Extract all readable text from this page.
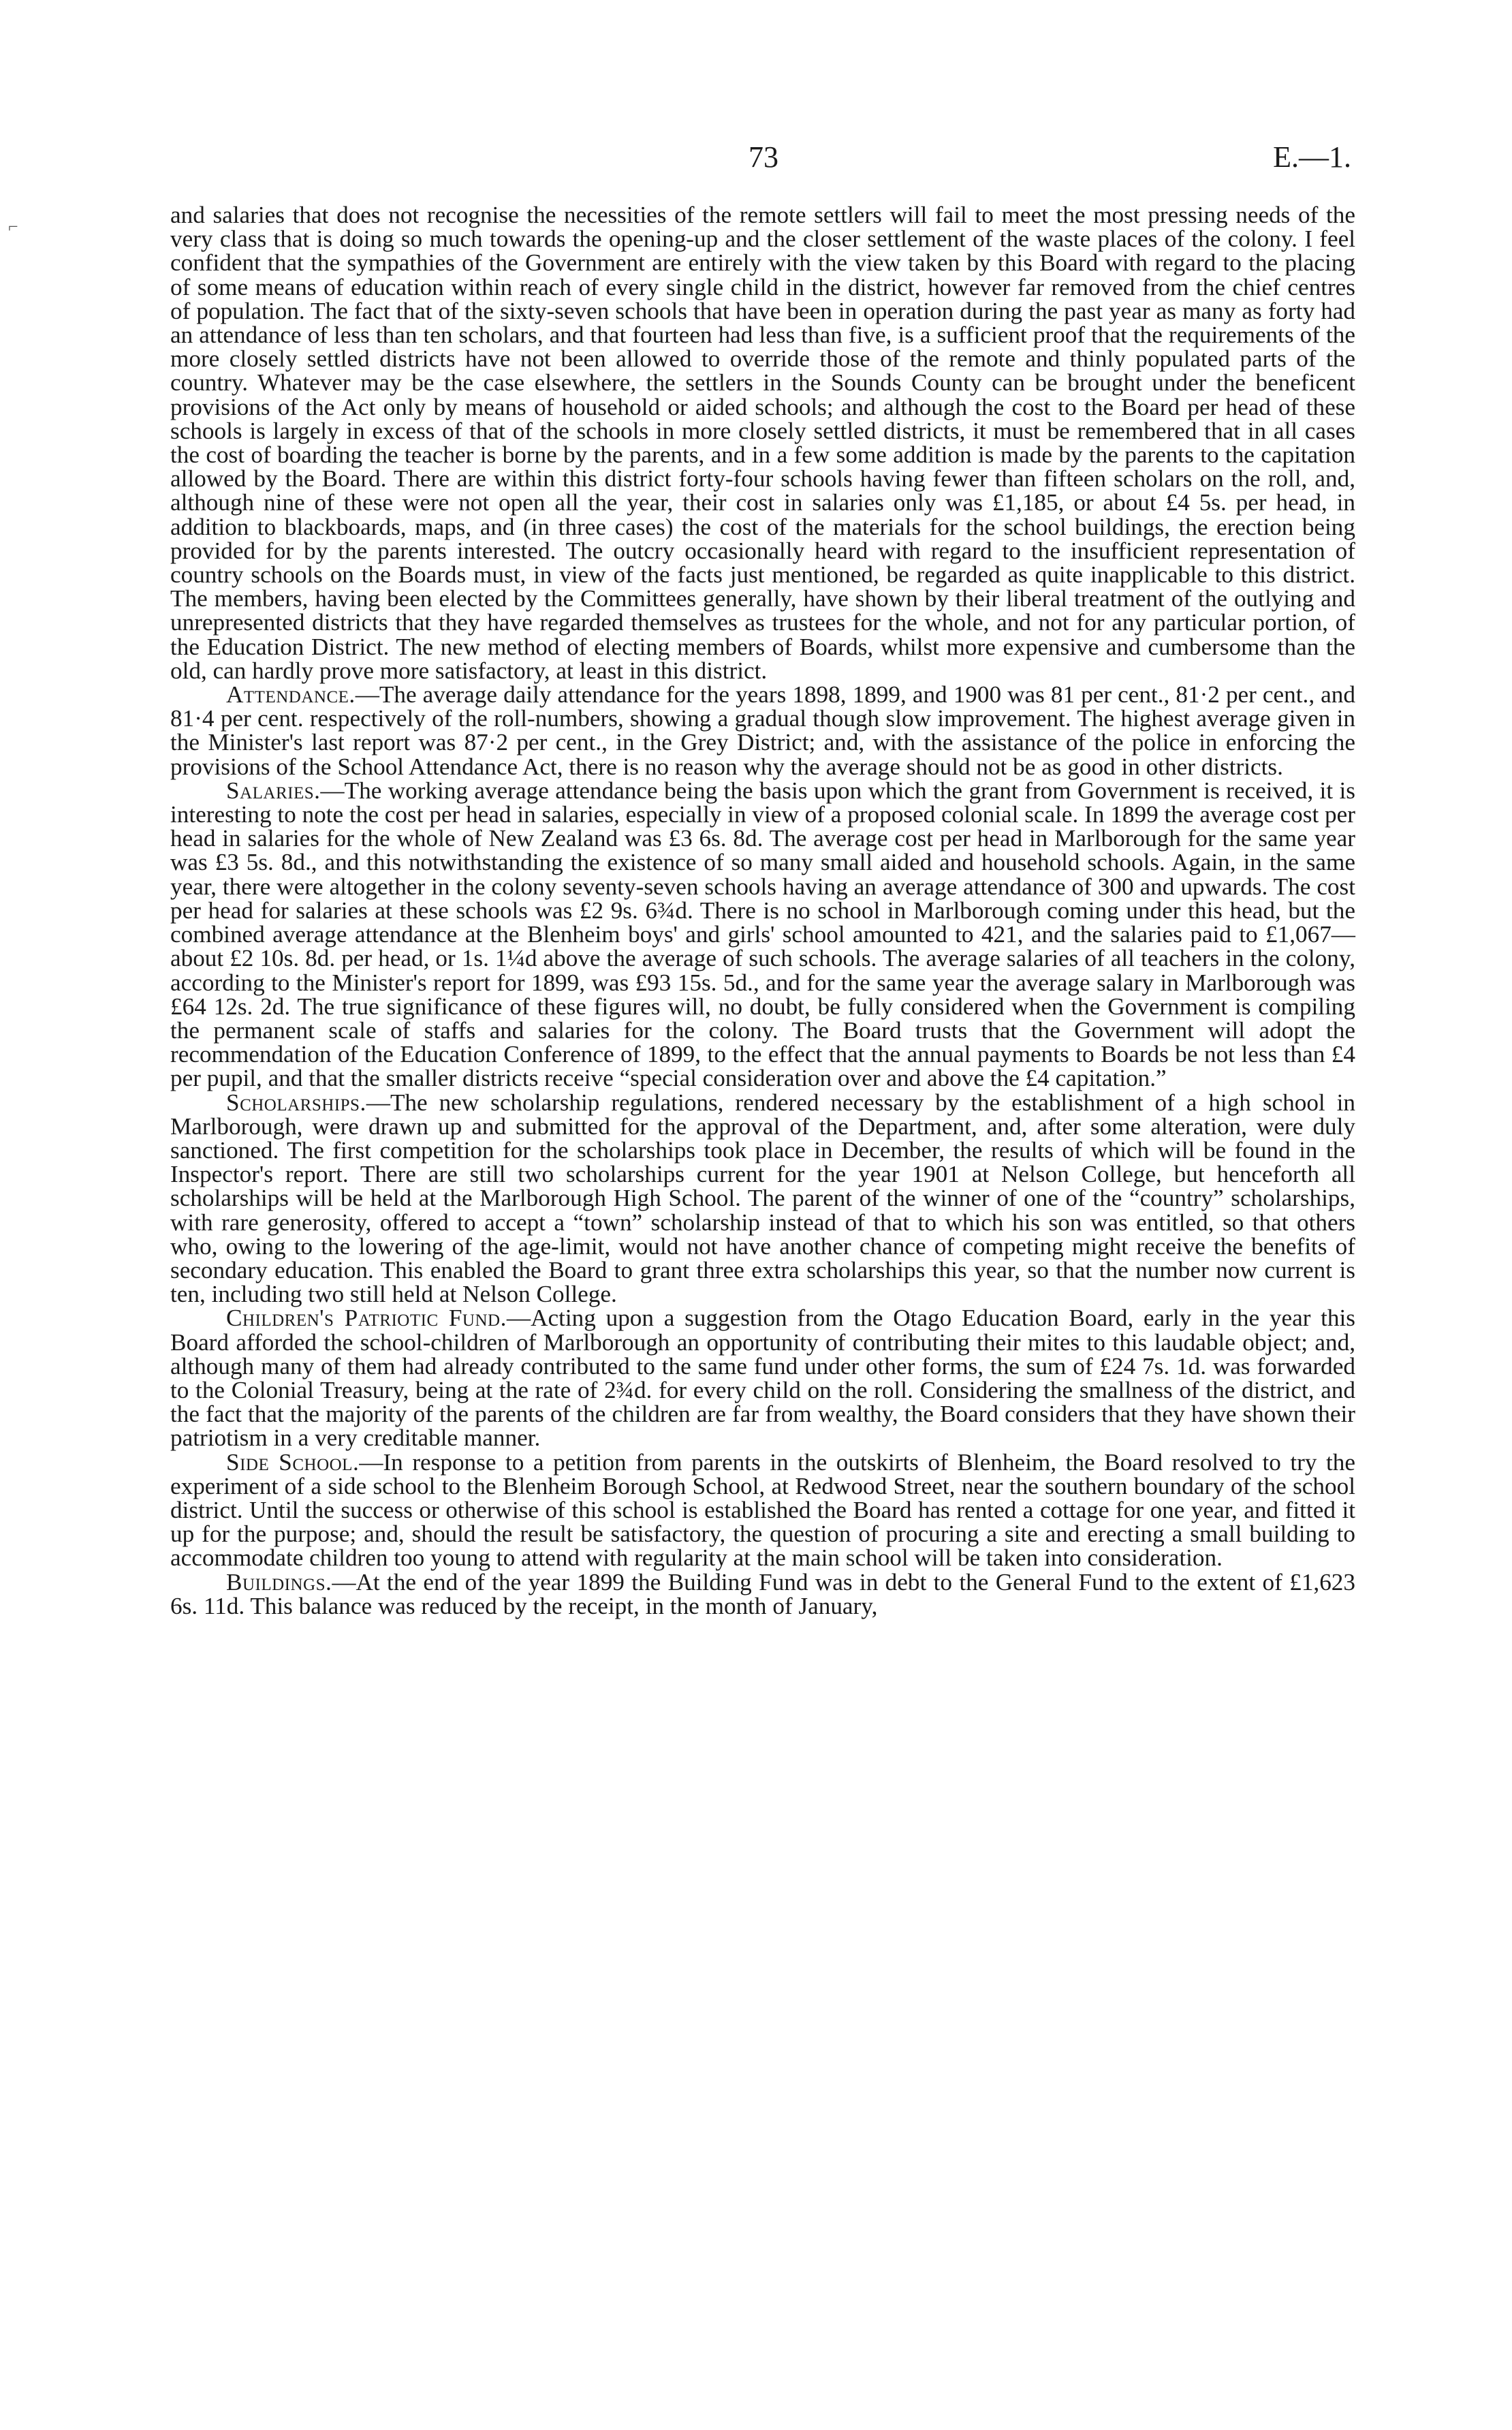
73	E.—1.
⌐	and salaries that does not recognise the necessities of the remote settlers will fail to meet the most pressing needs of the very class that is doing so much towards the opening-up and the closer settlement of the waste places of the colony. I feel confident that the sympathies of the Government are entirely with the view taken by this Board with regard to the placing of some means of education within reach of every single child in the district, however far removed from the chief centres of population. The fact that of the sixty-seven schools that have been in operation during the past year as many as forty had an attendance of less than ten scholars, and that fourteen had less than five, is a sufficient proof that the requirements of the more closely settled districts have not been allowed to override those of the remote and thinly populated parts of the country. Whatever may be the case elsewhere, the settlers in the Sounds County can be brought under the beneficent provisions of the Act only by means of household or aided schools; and although the cost to the Board per head of these schools is largely in excess of that of the schools in more closely settled districts, it must be remembered that in all cases the cost of boarding the teacher is borne by the parents, and in a few some addition is made by the parents to the capitation allowed by the Board. There are within this district forty-four schools having fewer than fifteen scholars on the roll, and, although nine of these were not open all the year, their cost in salaries only was £1,185, or about £4 5s. per head, in addition to blackboards, maps, and (in three cases) the cost of the materials for the school buildings, the erection being provided for by the parents interested. The outcry occasionally heard with regard to the insufficient representation of country schools on the Boards must, in view of the facts just mentioned, be regarded as quite inapplicable to this district. The members, having been elected by the Committees generally, have shown by their liberal treatment of the outlying and unrepresented districts that they have regarded themselves as trustees for the whole, and not for any particular portion, of the Education District. The new method of electing members of Boards, whilst more expensive and cumbersome than the old, can hardly prove more satisfactory, at least in this district.

Attendance.—The average daily attendance for the years 1898, 1899, and 1900 was 81 per cent., 81·2 per cent., and 81·4 per cent. respectively of the roll-numbers, showing a gradual though slow improvement. The highest average given in the Minister's last report was 87·2 per cent., in the Grey District; and, with the assistance of the police in enforcing the provisions of the School Attendance Act, there is no reason why the average should not be as good in other districts.

Salaries.—The working average attendance being the basis upon which the grant from Government is received, it is interesting to note the cost per head in salaries, especially in view of a proposed colonial scale. In 1899 the average cost per head in salaries for the whole of New Zealand was £3 6s. 8d. The average cost per head in Marlborough for the same year was £3 5s. 8d., and this notwithstanding the existence of so many small aided and household schools. Again, in the same year, there were altogether in the colony seventy-seven schools having an average attendance of 300 and upwards. The cost per head for salaries at these schools was £2 9s. 6¾d. There is no school in Marlborough coming under this head, but the combined average attendance at the Blenheim boys' and girls' school amounted to 421, and the salaries paid to £1,067—about £2 10s. 8d. per head, or 1s. 1¼d above the average of such schools. The average salaries of all teachers in the colony, according to the Minister's report for 1899, was £93 15s. 5d., and for the same year the average salary in Marlborough was £64 12s. 2d. The true significance of these figures will, no doubt, be fully considered when the Government is compiling the permanent scale of staffs and salaries for the colony. The Board trusts that the Government will adopt the recommendation of the Education Conference of 1899, to the effect that the annual payments to Boards be not less than £4 per pupil, and that the smaller districts receive “special consideration over and above the £4 capitation.”

Scholarships.—The new scholarship regulations, rendered necessary by the establishment of a high school in Marlborough, were drawn up and submitted for the approval of the Department, and, after some alteration, were duly sanctioned. The first competition for the scholarships took place in December, the results of which will be found in the Inspector's report. There are still two scholarships current for the year 1901 at Nelson College, but henceforth all scholarships will be held at the Marlborough High School. The parent of the winner of one of the “country” scholarships, with rare generosity, offered to accept a “town” scholarship instead of that to which his son was entitled, so that others who, owing to the lowering of the age-limit, would not have another chance of competing might receive the benefits of secondary education. This enabled the Board to grant three extra scholarships this year, so that the number now current is ten, including two still held at Nelson College.

Children's Patriotic Fund.—Acting upon a suggestion from the Otago Education Board, early in the year this Board afforded the school-children of Marlborough an opportunity of contributing their mites to this laudable object; and, although many of them had already contributed to the same fund under other forms, the sum of £24 7s. 1d. was forwarded to the Colonial Treasury, being at the rate of 2¾d. for every child on the roll. Considering the smallness of the district, and the fact that the majority of the parents of the children are far from wealthy, the Board considers that they have shown their patriotism in a very creditable manner.

Side School.—In response to a petition from parents in the outskirts of Blenheim, the Board resolved to try the experiment of a side school to the Blenheim Borough School, at Redwood Street, near the southern boundary of the school district. Until the success or otherwise of this school is established the Board has rented a cottage for one year, and fitted it up for the purpose; and, should the result be satisfactory, the question of procuring a site and erecting a small building to accommodate children too young to attend with regularity at the main school will be taken into consideration.

Buildings.—At the end of the year 1899 the Building Fund was in debt to the General Fund to the extent of £1,623 6s. 11d. This balance was reduced by the receipt, in the month of January,
